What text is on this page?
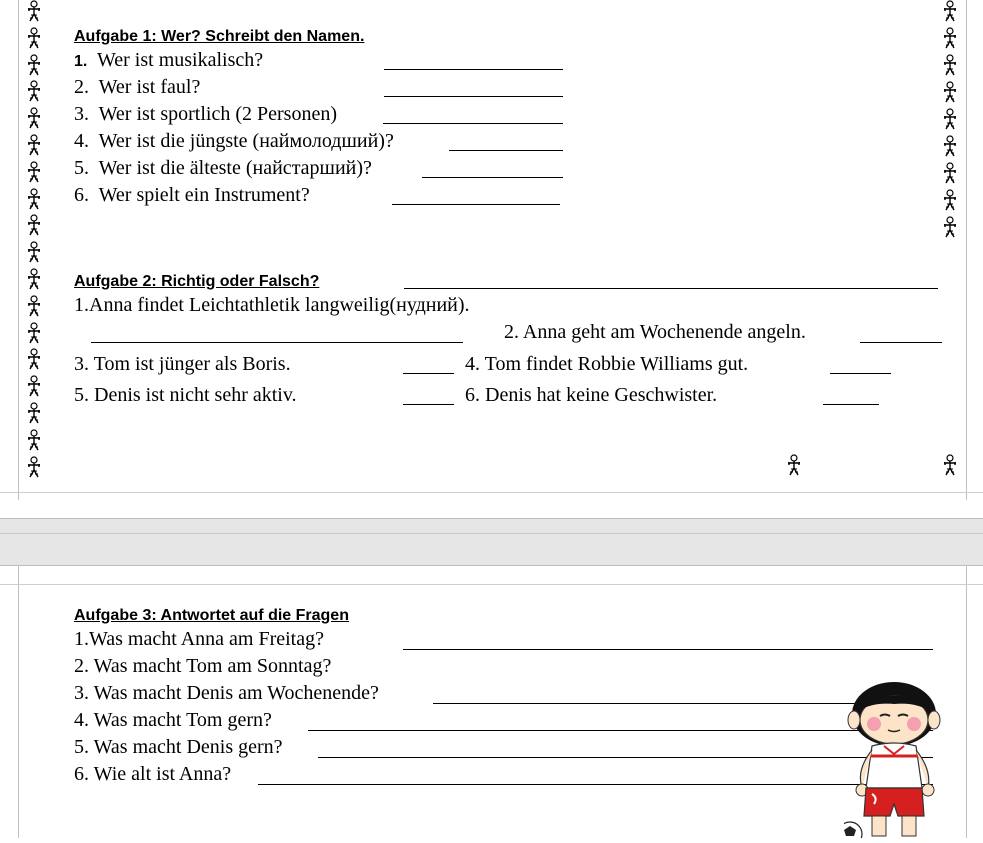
Aufgabe 1: Wer? Schreibt den Namen.
1. Wer ist musikalisch?
2. Wer ist faul?
3. Wer ist sportlich (2 Personen)
4. Wer ist die jüngste (наймолодший)?
5. Wer ist die älteste (найстарший)?
6. Wer spielt ein Instrument?
Aufgabe 2: Richtig oder Falsch?
1.Anna findet Leichtathletik langweilig(нудний).
2. Anna geht am Wochenende angeln.
3. Tom ist jünger als Boris.	4. Tom findet Robbie Williams gut.
5. Denis ist nicht sehr aktiv.	6. Denis hat keine Geschwister.
Aufgabe 3: Antwortet auf die Fragen
1.Was macht Anna am Freitag?
2. Was macht Tom am Sonntag?
3. Was macht Denis am Wochenende?
4. Was macht Tom gern?
5. Was macht Denis gern?
6. Wie alt ist Anna?
